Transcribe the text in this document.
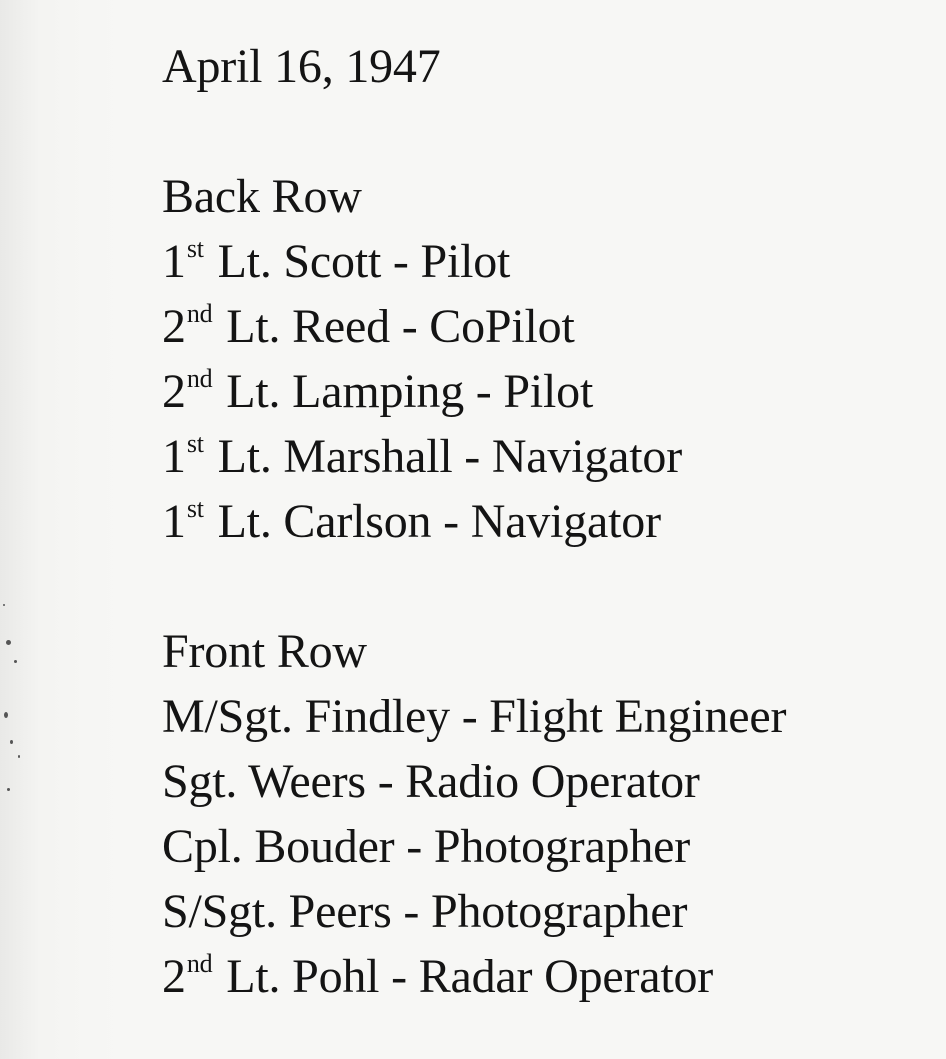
April 16, 1947
Back Row
1st Lt. Scott - Pilot
2nd Lt. Reed - CoPilot
2nd Lt. Lamping - Pilot
1st Lt. Marshall - Navigator
1st Lt. Carlson - Navigator
Front Row
M/Sgt. Findley - Flight Engineer
Sgt. Weers - Radio Operator
Cpl. Bouder - Photographer
S/Sgt. Peers - Photographer
2nd Lt. Pohl - Radar Operator
